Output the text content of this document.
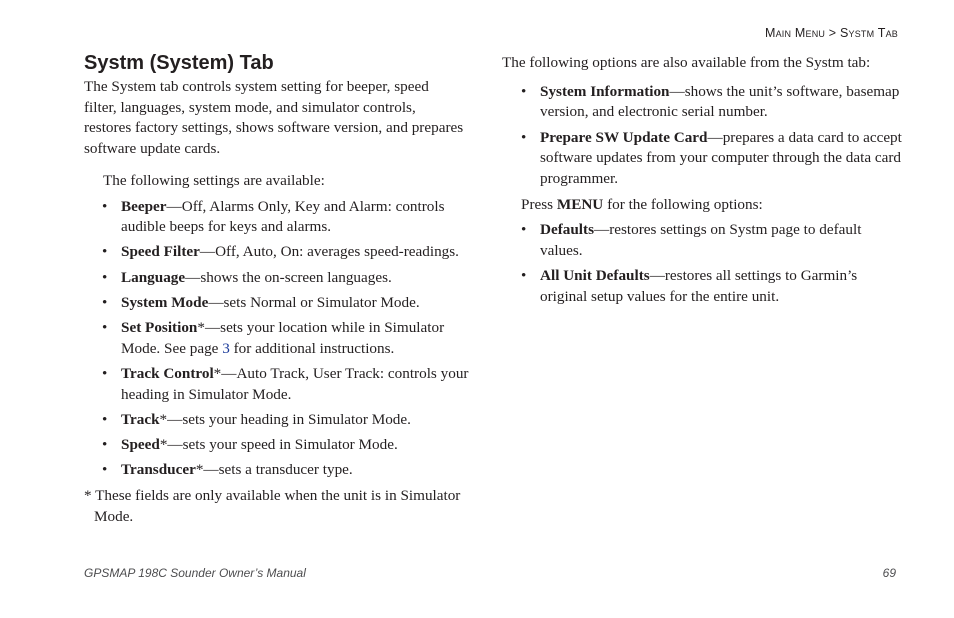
Main Menu > Systm Tab
Systm (System) Tab

The System tab controls system setting for beeper, speed filter, languages, system mode, and simulator controls, restores factory settings, shows software version, and prepares software update cards.

The following settings are available:

• Beeper—Off, Alarms Only, Key and Alarm: controls audible beeps for keys and alarms.
• Speed Filter—Off, Auto, On: averages speed-readings.
• Language—shows the on-screen languages.
• System Mode—sets Normal or Simulator Mode.
• Set Position*—sets your location while in Simulator Mode. See page 3 for additional instructions.
• Track Control*—Auto Track, User Track: controls your heading in Simulator Mode.
• Track*—sets your heading in Simulator Mode.
• Speed*—sets your speed in Simulator Mode.
• Transducer*—sets a transducer type.

* These fields are only available when the unit is in Simulator Mode.

The following options are also available from the Systm tab:

• System Information—shows the unit’s software, basemap version, and electronic serial number.
• Prepare SW Update Card—prepares a data card to accept software updates from your computer through the data card programmer.

Press MENU for the following options:

• Defaults—restores settings on Systm page to default values.
• All Unit Defaults—restores all settings to Garmin’s original setup values for the entire unit.
GPSMAP 198C Sounder Owner’s Manual	69
